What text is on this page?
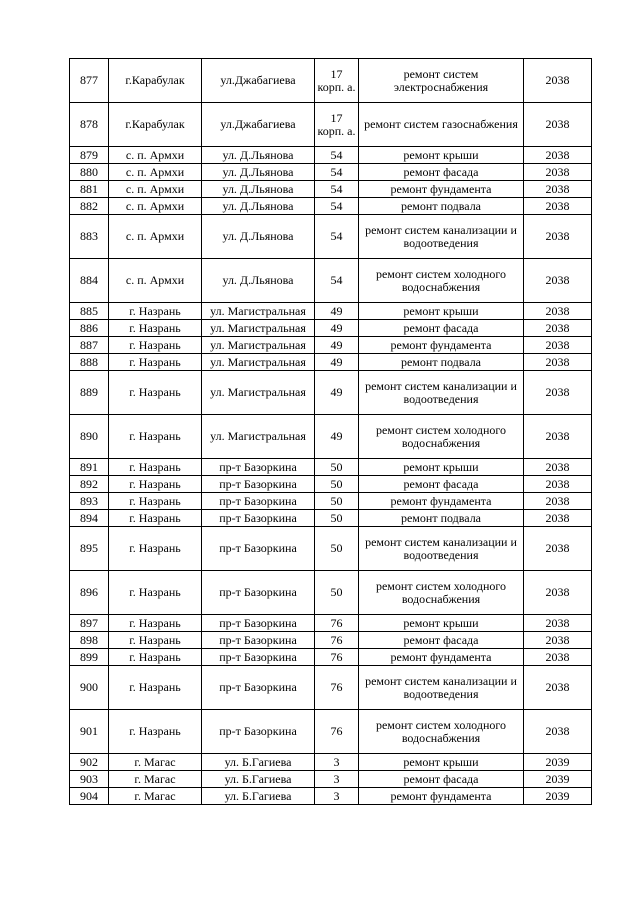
877	г.Карабулак	ул.Джабагиева	17 корп. а.	ремонт систем электроснабжения	2038
878	г.Карабулак	ул.Джабагиева	17 корп. а.	ремонт систем газоснабжения	2038
879	с. п. Армхи	ул. Д.Льянова	54	ремонт крыши	2038
880	с. п. Армхи	ул. Д.Льянова	54	ремонт фасада	2038
881	с. п. Армхи	ул. Д.Льянова	54	ремонт фундамента	2038
882	с. п. Армхи	ул. Д.Льянова	54	ремонт подвала	2038
883	с. п. Армхи	ул. Д.Льянова	54	ремонт систем канализации и водоотведения	2038
884	с. п. Армхи	ул. Д.Льянова	54	ремонт систем холодного водоснабжения	2038
885	г. Назрань	ул. Магистральная	49	ремонт крыши	2038
886	г. Назрань	ул. Магистральная	49	ремонт фасада	2038
887	г. Назрань	ул. Магистральная	49	ремонт фундамента	2038
888	г. Назрань	ул. Магистральная	49	ремонт подвала	2038
889	г. Назрань	ул. Магистральная	49	ремонт систем канализации и водоотведения	2038
890	г. Назрань	ул. Магистральная	49	ремонт систем холодного водоснабжения	2038
891	г. Назрань	пр-т Базоркина	50	ремонт крыши	2038
892	г. Назрань	пр-т Базоркина	50	ремонт фасада	2038
893	г. Назрань	пр-т Базоркина	50	ремонт фундамента	2038
894	г. Назрань	пр-т Базоркина	50	ремонт подвала	2038
895	г. Назрань	пр-т Базоркина	50	ремонт систем канализации и водоотведения	2038
896	г. Назрань	пр-т Базоркина	50	ремонт систем холодного водоснабжения	2038
897	г. Назрань	пр-т Базоркина	76	ремонт крыши	2038
898	г. Назрань	пр-т Базоркина	76	ремонт фасада	2038
899	г. Назрань	пр-т Базоркина	76	ремонт фундамента	2038
900	г. Назрань	пр-т Базоркина	76	ремонт систем канализации и водоотведения	2038
901	г. Назрань	пр-т Базоркина	76	ремонт систем холодного водоснабжения	2038
902	г. Магас	ул. Б.Гагиева	3	ремонт крыши	2039
903	г. Магас	ул. Б.Гагиева	3	ремонт фасада	2039
904	г. Магас	ул. Б.Гагиева	3	ремонт фундамента	2039
